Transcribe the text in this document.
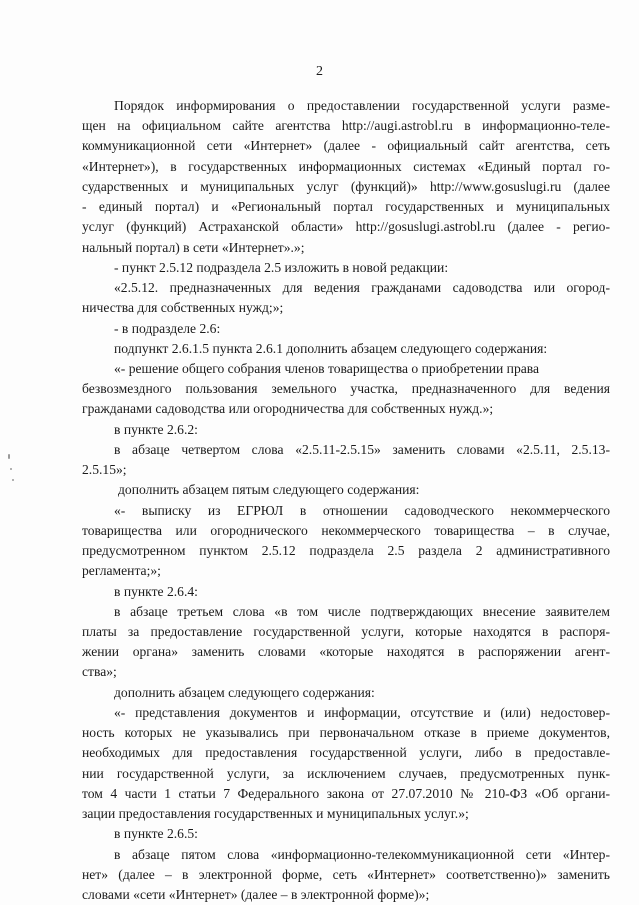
2
Порядок информирования о предоставлении государственной услуги разме-
щен на официальном сайте агентства http://augi.astrobl.ru в информационно-теле-
коммуникационной сети «Интернет» (далее - официальный сайт агентства, сеть
«Интернет»), в государственных информационных системах «Единый портал го-
сударственных и муниципальных услуг (функций)» http://www.gosuslugi.ru (далее
- единый портал) и «Региональный портал государственных и муниципальных
услуг (функций) Астраханской области» http://gosuslugi.astrobl.ru (далее - регио-
нальный портал) в сети «Интернет».»;
- пункт 2.5.12 подраздела 2.5 изложить в новой редакции:
«2.5.12. предназначенных для ведения гражданами садоводства или огород-
ничества для собственных нужд;»;
- в подразделе 2.6:
подпункт 2.6.1.5 пункта 2.6.1 дополнить абзацем следующего содержания:
«- решение общего собрания членов товарищества о приобретении права
безвозмездного пользования земельного участка, предназначенного для ведения
гражданами садоводства или огородничества для собственных нужд.»;
в пункте 2.6.2:
в абзаце четвертом слова «2.5.11-2.5.15» заменить словами «2.5.11, 2.5.13-
2.5.15»;
дополнить абзацем пятым следующего содержания:
«- выписку из ЕГРЮЛ в отношении садоводческого некоммерческого
товарищества или огороднического некоммерческого товарищества – в случае,
предусмотренном пунктом 2.5.12 подраздела 2.5 раздела 2 административного
регламента;»;
в пункте 2.6.4:
в абзаце третьем слова «в том числе подтверждающих внесение заявителем
платы за предоставление государственной услуги, которые находятся в распоря-
жении органа» заменить словами «которые находятся в распоряжении агент-
ства»;
дополнить абзацем следующего содержания:
«- представления документов и информации, отсутствие и (или) недостовер-
ность которых не указывались при первоначальном отказе в приеме документов,
необходимых для предоставления государственной услуги, либо в предоставле-
нии государственной услуги, за исключением случаев, предусмотренных пунк-
том 4 части 1 статьи 7 Федерального закона от 27.07.2010 № 210-ФЗ «Об органи-
зации предоставления государственных и муниципальных услуг.»;
в пункте 2.6.5:
в абзаце пятом слова «информационно-телекоммуникационной сети «Интер-
нет» (далее – в электронной форме, сеть «Интернет» соответственно)» заменить
словами «сети «Интернет» (далее – в электронной форме)»;
